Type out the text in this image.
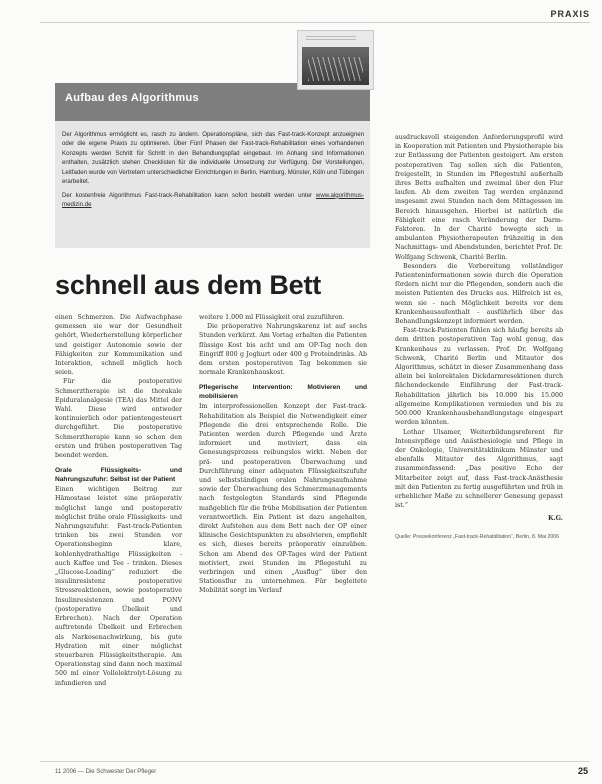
PRAXIS
Aufbau des Algorithmus

Der Algorithmus ermöglicht es, rasch zu ändern. Operationspläne, sich das Fast-track-Konzept anzueignen oder die eigene Praxis zu optimieren. Über Fünf Phasen der Fast-track-Rehabilitation eines vorhandenen Konzepts werden Schritt für Schritt in den Behandlungspfad eingebaut. Im Anhang sind Informationen enthalten, zusätzlich stehen Checklisten für die individuelle Umsetzung zur Verfügung. Der Vorstellungen, Leitfaden wurde von Vertretern unterschiedlicher Einrichtungen in Berlin, Hamburg, Münster, Köln und Tübingen erarbeitet.

Der kostenfreie Algorithmus Fast-track-Rehabilitation kann sofort bestellt werden unter www.algorithmus-medizin.de

schnell aus dem Bett

einen Schmerzen. Die Aufwachphase gemessen sie war der Gesundheit gehört, Wiederherstellung körperlicher und geistiger Autonomie sowie der Fähigkeiten zur Kommunikation und Interaktion, schnell möglich hoch seien.

Für die postoperative Schmerztherapie ist die thorakale Epiduralanalgesie (TEA) das Mittel der Wahl. Diese wird entweder kontinuierlich oder patientengesteuert durchgeführt. Die postoperative Schmerztherapie kann so schon den ersten und frühen postoperativen Tag beendet werden.

Orale Flüssigkeits- und Nahrungszufuhr: Selbst ist der Patient

Einen wichtigen Beitrag zur Hämostase leistet eine präoperativ möglichst lange und postoperativ möglichst frühe orale Flüssigkeits- und Nahrungszufuhr. Fast-track-Patienten trinken bis zwei Stunden vor Operationsbeginn klare, kohlenhydrathaltige Flüssigkeiten - auch Kaffee und Tee - trinken. Dieses „Glucose-Loading“ reduziert die insulinresistenz postoperative Stressreaktionen, sowie postoperative Insulinresistenzen und PONV (postoperative Übelkeit und Erbrechen). Nach der Operation auftretende Übelkeit und Erbrechen als Narkosenachwirkung, bis gute Hydration mit einer möglichst steuerbaren Flüssigkeitstherapie. Am Operationstag sind dann noch maximal 500 ml einer Vollelektrolyt-Lösung zu infundieren und

weitere 1.000 ml Flüssigkeit oral zuzuführen.

Die präoperative Nahrungskarenz ist auf sechs Stunden verkürzt. Am Vortag erhalten die Patienten flüssige Kost bis acht und am OP-Tag noch den Eingriff 800 g Joghurt oder 400 g Proteindrinks. Ab dem ersten postoperativen Tag bekommen sie normale Krankenhauskost.

Pflegerische Intervention: Motivieren und mobilisieren

Im interprofessionellen Konzept der Fast-track-Rehabilitation als Beispiel die Notwendigkeit einer Pflegende die drei entsprechende Rolle. Die Patienten werden durch Pflegende und Ärzte informiert und motiviert, dass ein Genesungsprozess reibungslos wirkt. Neben der prä- und postoperativen Überwachung und Durchführung einer adäquaten Flüssigkeitszufuhr und selbstständigen oralen Nahrungsaufnahme sowie der Überwachung des Schmerzmanagements nach festgelegten Standards sind Pflegende maßgeblich für die frühe Mobilisation der Patienten verantwortlich. Ein Patient ist dazu angehalten, direkt Aufstehen aus dem Bett nach der OP einer klinische Gesichtspunkten zu absolvieren, empfiehlt es sich, dieses bereits präoperativ einzuüben. Schon am Abend des OP-Tages wird der Patient motiviert, zwei Stunden im Pflegestuhl zu verbringen und einen „Ausflug“ über den Stationsflur zu unternehmen. Für begleitete Mobilität sorgt im Verlauf

ausdrucksvoll steigenden Anforderungsprofil wird in Kooperation mit Patienten und Physiotherapie bis zur Entlassung der Patienten gesteigert. Am ersten postoperativen Tag sollen sich die Patienten, freigestellt, in Stunden im Pflegestuhl außerhalb ihres Betts aufhalten und zweimal über den Flur laufen. Ab dem zweiten Tag werden ergänzend insgesamt zwei Stunden nach dem Mittagessen im Bereich hinausgehen. Hierbei ist natürlich die Fähigkeit eine rasch Veränderung der Darm-Faktoren. In der Charité bewegte sich in ambulanten Physiotherapeuten frühzeitig in den Nachmittags- und Abendstunden, berichtet Prof. Dr. Wolfgang Schwenk, Charité Berlin.

Besonders die Vorbereitung vollständiger Patienteninformationen sowie durch die Operation fördern nicht nur die Pflegenden, sondern auch die meisten Patienten des Drucks aus. Hilfreich ist es, wenn sie - nach Möglichkeit bereits vor dem Krankenhausaufenthalt - ausführlich über das Behandlungskonzept informiert werden.

Fast-track-Patienten fühlen sich häufig bereits ab dem dritten postoperativen Tag wohl genug, das Krankenhaus zu verlassen. Prof. Dr. Wolfgang Schwenk, Charité Berlin und Mitautor des Algorithmus, schätzt in dieser Zusammenhang dass allein bei kolorektalen Dickdarmresektionen durch flächendeckende Einführung der Fast-track-Rehabilitation jährlich bis 10.000 bis 15.000 allgemeine Komplikationen vermieden und bis zu 500.000 Krankenhausbehandlungstage eingespart werden könnten.

Lothar Ulsamer, Weiterbildungsreferent für Intensivpflege und Anästhesiologie und Pflege in der Onkologie, Universitätsklinikum Münster und ebenfalls Mitautor des Algorithmus, sagt zusammenfassend: „Das positive Echo der Mitarbeiter zeigt auf, dass Fast-track-Anästhesie mit den Patienten zu fertig ausgeführten und früh in erheblicher Maße zu schnellerer Genesung gepasst ist.“

K.G.

Quelle: Pressekonferenz „Fast-track-Rehabilitation“, Berlin, 8. Mai 2006

11 2006 — Die Schwester Der Pfleger	25
